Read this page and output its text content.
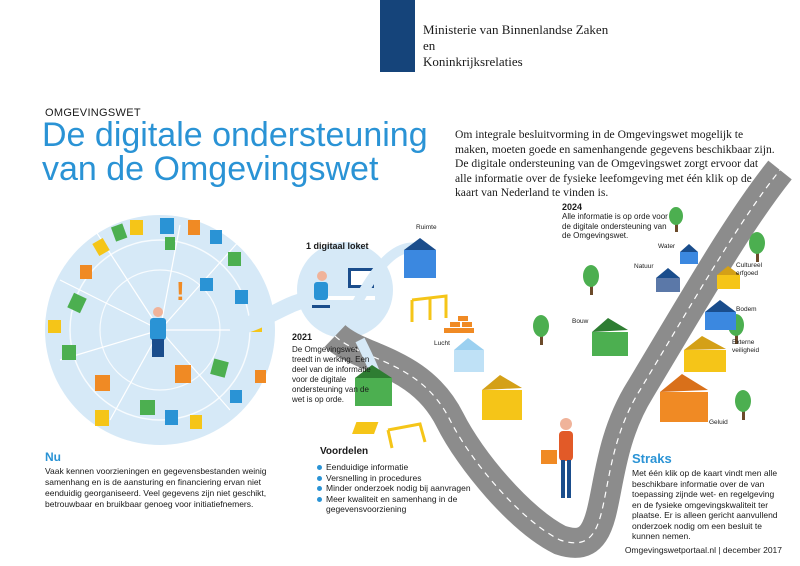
!
Ministerie van Binnenlandse Zaken en
Koninkrijksrelaties
OMGEVINGSWET
De digitale ondersteuning
van de Omgevingswet

Om integrale besluitvorming in de Omgevingswet mogelijk te maken, moeten goede en samenhangende gegevens beschikbaar zijn. De digitale ondersteuning van de Omgevingswet zorgt ervoor dat alle informatie over de fysieke leefomgeving met één klik op de kaart van Nederland te vinden is.

1 digitaal loket
2021
De Omgevingswet treedt in werking. Een deel van de informatie voor de digitale ondersteuning van de wet is op orde.
2024
Alle informatie is op orde voor de digitale ondersteuning van de Omgevingswet.
Ruimte
Lucht
Water
Natuur	Cultureel erfgoed
Bodem
Bouw
Externe veiligheid
Geluid
Nu

Vaak kennen voorzieningen en gegevensbestanden weinig samenhang en is de aansturing en financiering ervan niet eenduidig georganiseerd. Veel gegevens zijn niet geschikt, betrouwbaar en bruikbaar genoeg voor initiatiefnemers.

Voordelen
Eenduidige informatie
Versnelling in procedures
Minder onderzoek nodig bij aanvragen
Meer kwaliteit en samenhang in de gegevensvoorziening
Straks

Met één klik op de kaart vindt men alle beschikbare informatie over de van toepassing zijnde wet- en regelgeving en de fysieke omgevingskwaliteit ter plaatse. Er is alleen gericht aanvullend onderzoek nodig om een besluit te kunnen nemen.

Omgevingswetportaal.nl | december 2017
